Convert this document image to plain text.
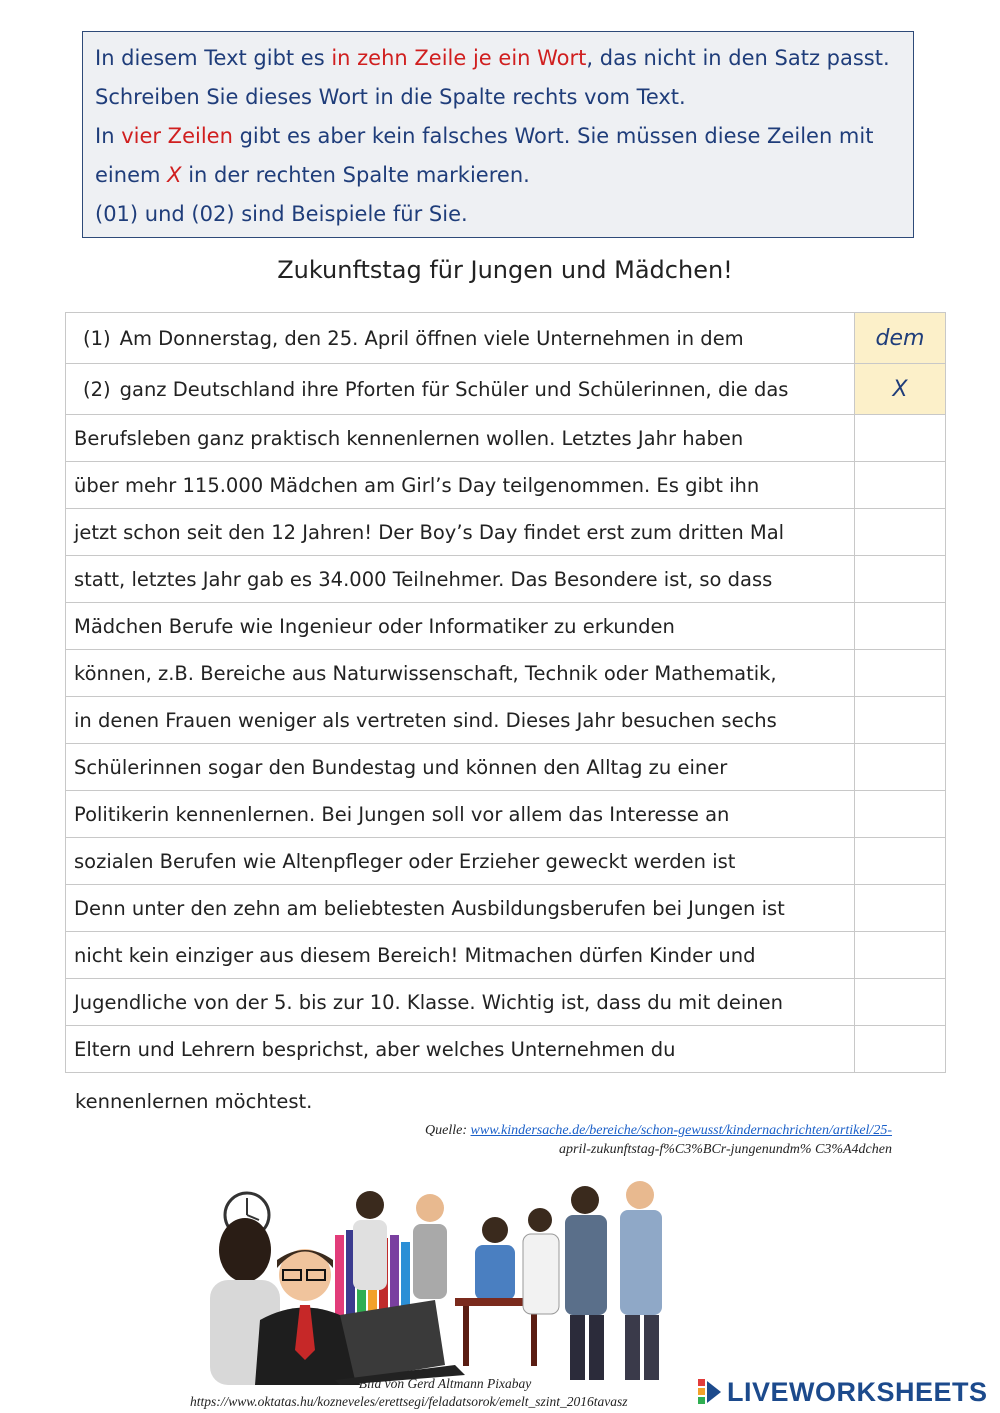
In diesem Text gibt es in zehn Zeile je ein Wort, das nicht in den Satz passt.
Schreiben Sie dieses Wort in die Spalte rechts vom Text.
In vier Zeilen gibt es aber kein falsches Wort. Sie müssen diese Zeilen mit
einem X in der rechten Spalte markieren.
(01) und (02) sind Beispiele für Sie.
Zukunftstag für Jungen und Mädchen!
(1) Am Donnerstag, den 25. April öffnen viele Unternehmen in dem	dem
(2) ganz Deutschland ihre Pforten für Schüler und Schülerinnen, die das	X
Berufsleben ganz praktisch kennenlernen wollen. Letztes Jahr haben	
über mehr 115.000 Mädchen am Girl’s Day teilgenommen. Es gibt ihn	
jetzt schon seit den 12 Jahren! Der Boy’s Day findet erst zum dritten Mal	
statt, letztes Jahr gab es 34.000 Teilnehmer. Das Besondere ist, so dass	
Mädchen Berufe wie Ingenieur oder Informatiker zu erkunden	
können, z.B. Bereiche aus Naturwissenschaft, Technik oder Mathematik,	
in denen Frauen weniger als vertreten sind. Dieses Jahr besuchen sechs	
Schülerinnen sogar den Bundestag und können den Alltag zu einer	
Politikerin kennenlernen. Bei Jungen soll vor allem das Interesse an	
sozialen Berufen wie Altenpfleger oder Erzieher geweckt werden ist	
Denn unter den zehn am beliebtesten Ausbildungsberufen bei Jungen ist	
nicht kein einziger aus diesem Bereich! Mitmachen dürfen Kinder und	
Jugendliche von der 5. bis zur 10. Klasse. Wichtig ist, dass du mit deinen	
Eltern und Lehrern besprichst, aber welches Unternehmen du	
kennenlernen möchtest.
Quelle: www.kindersache.de/bereiche/schon-gewusst/kindernachrichten/artikel/25-
april-zukunftstag-f%C3%BCr-jungenundm% C3%A4dchen
Bild von Gerd Altmann Pixabay
https://www.oktatas.hu/kozneveles/erettsegi/feladatsorok/emelt_szint_2016tavasz	LIVEWORKSHEETS
